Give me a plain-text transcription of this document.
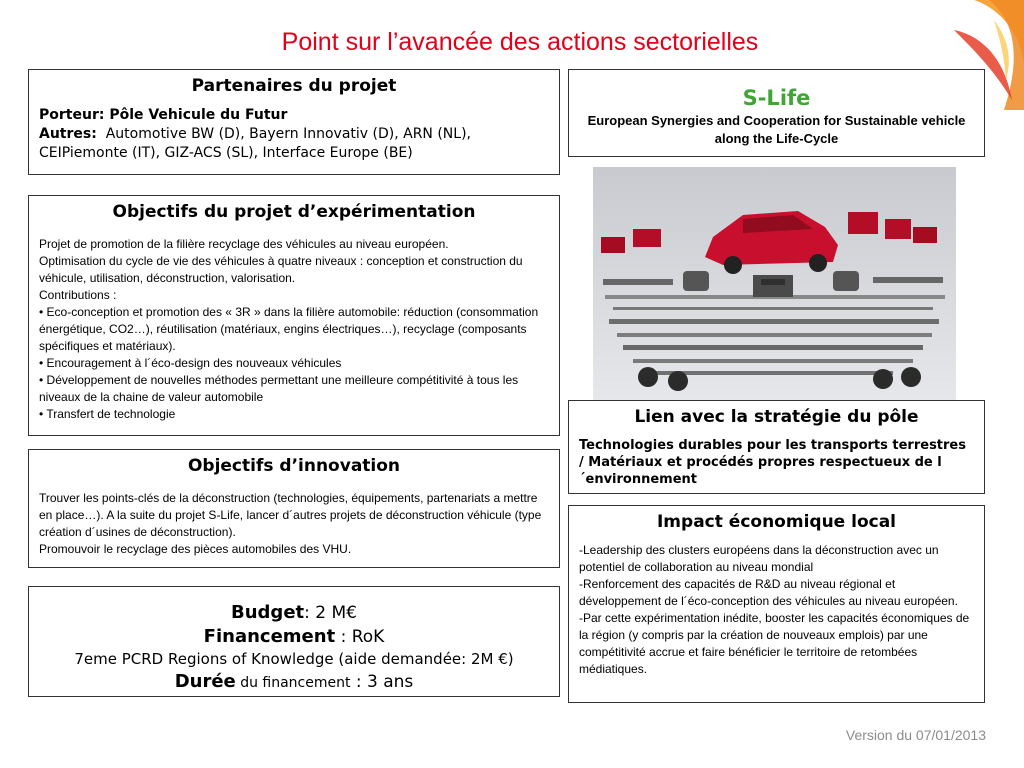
Point sur l’avancée des actions sectorielles
Partenaires du projet
Porteur: Pôle Vehicule du Futur
Autres: Automotive BW (D), Bayern Innovativ (D), ARN (NL), CEIPiemonte (IT), GIZ-ACS (SL), Interface Europe (BE)
Objectifs du projet d’expérimentation

Projet de promotion de la filière recyclage des véhicules au niveau européen.

Optimisation du cycle de vie des véhicules à quatre niveaux : conception et construction du véhicule, utilisation, déconstruction, valorisation.

Contributions :

• Eco-conception et promotion des « 3R » dans la filière automobile: réduction (consommation énergétique, CO2…), réutilisation (matériaux, engins électriques…), recyclage (composants spécifiques et matériaux).

• Encouragement à l´éco-design des nouveaux véhicules

• Développement de nouvelles méthodes permettant une meilleure compétitivité à tous les niveaux de la chaine de valeur automobile

• Transfert de technologie

Objectifs d’innovation

Trouver les points-clés de la déconstruction (technologies, équipements, partenariats a mettre en place…). A la suite du projet S-Life, lancer d´autres projets de déconstruction véhicule (type création d´usines de déconstruction).

Promouvoir le recyclage des pièces automobiles des VHU.

Budget: 2 M€
Financement : RoK
7eme PCRD Regions of Knowledge (aide demandée: 2M €)
Durée du financement : 3 ans
S-Life
European Synergies and Cooperation for Sustainable vehicle along the Life-Cycle
Lien avec la stratégie du pôle
Technologies durables pour les transports terrestres / Matériaux et procédés propres respectueux de l´environnement
Impact économique local

-Leadership des clusters européens dans la déconstruction avec un potentiel de collaboration au niveau mondial

-Renforcement des capacités de R&D au niveau régional et développement de l´éco-conception des véhicules au niveau européen.

-Par cette expérimentation inédite, booster les capacités économiques de la région (y compris par la création de nouveaux emplois) par une compétitivité accrue et faire bénéficier le territoire de retombées médiatiques.

Version du 07/01/2013
